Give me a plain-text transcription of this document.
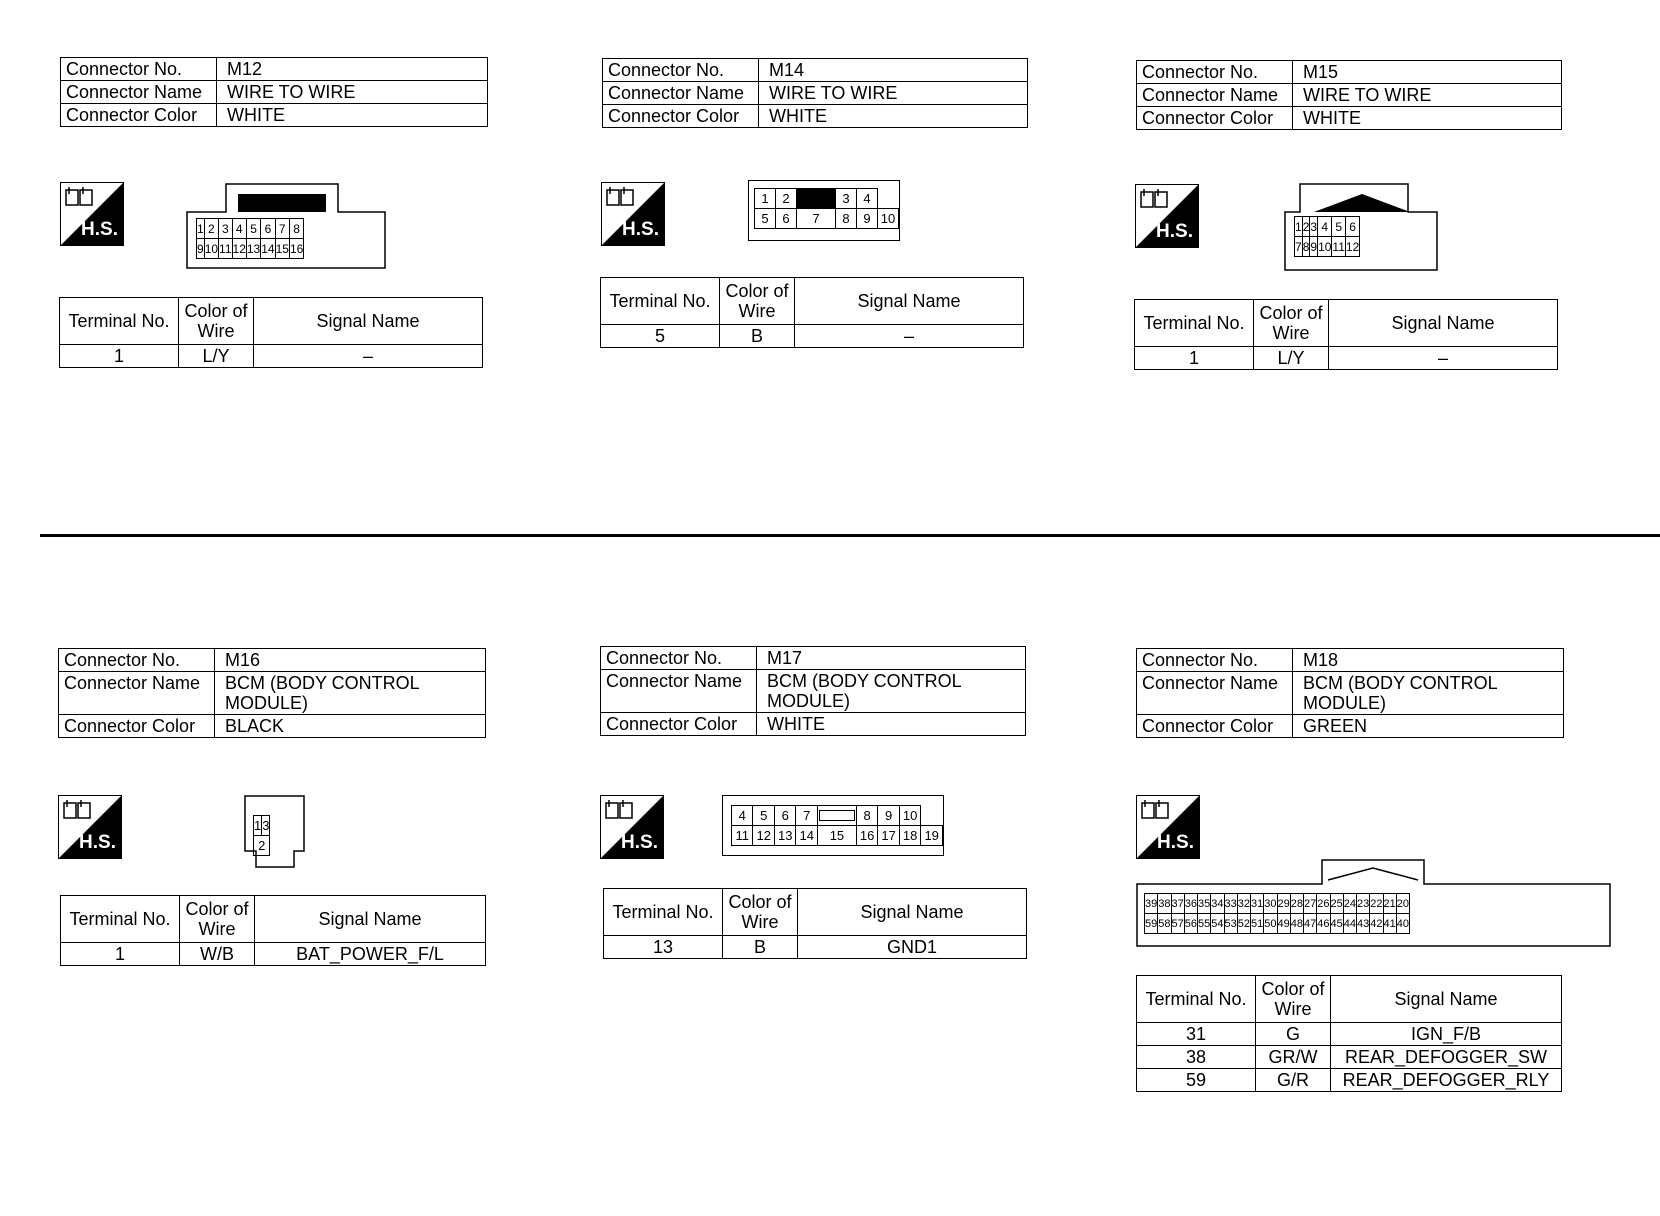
Connector No.	M12
Connector Name	WIRE TO WIRE
Connector Color	WHITE
H.S.	1	2	3	4	5	6	7	8
9	10	11	12	13	14	15	16
Terminal No.	Color of Wire	Signal Name
1	L/Y	–
Connector No.	M14
Connector Name	WIRE TO WIRE
Connector Color	WHITE
H.S.
1	2		3	4	
5	6	7	8	9	10
Terminal No.	Color of Wire	Signal Name
5	B	–
Connector No.	M15
Connector Name	WIRE TO WIRE
Connector Color	WHITE
H.S.	1	2	3	4	5	6
7	8	9	10	11	12
Terminal No.	Color of Wire	Signal Name
1	L/Y	–
Connector No.	M16
Connector Name	BCM (BODY CONTROL MODULE)
Connector Color	BLACK
H.S.
1	3
2
Terminal No.	Color of Wire	Signal Name
1	W/B	BAT_POWER_F/L
Connector No.	M17
Connector Name	BCM (BODY CONTROL MODULE)
Connector Color	WHITE
H.S.
4	5	6	7		8	9	10	
11	12	13	14	15	16	17	18	19
Terminal No.	Color of Wire	Signal Name
13	B	GND1
Connector No.	M18
Connector Name	BCM (BODY CONTROL MODULE)
Connector Color	GREEN
H.S.
39	38	37	36	35	34	33	32	31	30	29	28	27	26	25	24	23	22	21	20
59	58	57	56	55	54	53	52	51	50	49	48	47	46	45	44	43	42	41	40
Terminal No.	Color of Wire	Signal Name
31	G	IGN_F/B
38	GR/W	REAR_DEFOGGER_SW
59	G/R	REAR_DEFOGGER_RLY
